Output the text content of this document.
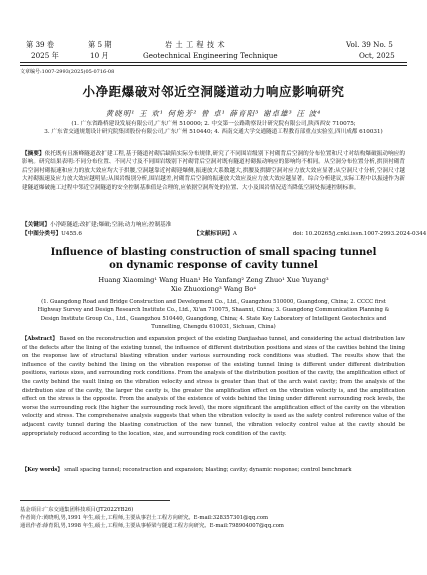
第 39 卷	第 5 期	岩 土 工 程 技 术	Vol. 39 No. 5
2025 年	10 月	Geotechnical Engineering Technique	Oct, 2025
文章编号:1007-2993(2025)05-0716-08
小净距爆破对邻近空洞隧道动力响应影响研究
黄晓明¹ 王 欢¹ 何艳芳² 曾 卓¹ 薛育阳³ 谢卓雄³ 汪 波⁴
(1. 广东省路桥建设发展有限公司,广东广州 510000; 2. 中交第一公路勘察设计研究院有限公司,陕西西安 710075;
3. 广东省交通规划设计研究院集团股份有限公司,广东广州 510440; 4. 西南交通大学交通隧道工程教育部重点实验室,四川成都 610031)
【摘要】依托既有且渐峰隧道改扩建工程,基于隧道衬砌后缺陷实际分布规律,研究了不同围岩级别下衬砌背后空洞的分布位置和尺寸对结构爆破振动响应的影响。研究结果表明:不同分布位置、不同尺寸及不同围岩级别下衬砌背后空洞对既有隧道衬砌振动响应的影响均不相同。从空洞分布位置分析,拱顶衬砌背后空洞衬砌振速和应力的放大效应均大于拱腰,空洞越靠近衬砌迎爆侧,振速放大系数越大,拱腰及拱脚空洞对应力放大效应显著;从空洞尺寸分析,空洞尺寸越大衬砌振速及应力放大效应越明显;从围岩级别分析,围岩越差,衬砌背后空洞的振速放大效应及应力放大效应越显著。综合分析建议,实际工程中以振速作为新建隧道爆破施工过程中邻近空洞隧道的安全控制基准值是合理的,应依据空洞所处的位置、大小及围岩情况适当降低空洞处振速控制标准。
【关键词】小净距隧道;改扩建;爆破;空洞;动力响应;控制基准
【中图分类号】U455.6	【文献标识码】A	doi: 10.20265/j.cnki.issn.1007-2993.2024-0344
Influence of blasting construction of small spacing tunnel
on dynamic response of cavity tunnel
Huang Xiaoming¹ Wang Huan¹ He Yanfang² Zeng Zhuo¹ Xue Yuyang³
Xie Zhuoxiong³ Wang Bo⁴
(1. Guangdong Road and Bridge Construction and Development Co., Ltd., Guangzhou 510000, Guangdong, China; 2. CCCC first
Highway Survey and Design Research Institute Co., Ltd., Xi'an 710075, Shaanxi, China; 3. Guangdong Communication Planning &
Design Institute Group Co., Ltd., Guangzhou 510440, Guangdong, China; 4. State Key Laboratory of Intelligent Geotechnics and
Tunnelling, Chengdu 610031, Sichuan, China)
【Abstract】 Based on the reconstruction and expansion project of the existing Danjiashao tunnel, and considering the actual distribution law of the defects after the lining of the existing tunnel, the influence of different distribution positions and sizes of the cavities behind the lining on the response law of structural blasting vibration under various surrounding rock conditions was studied. The results show that the influence of the cavity behind the lining on the vibration response of the existing tunnel lining is different under different distribution positions, various sizes, and surrounding rock conditions. From the analysis of the distribution position of the cavity, the amplification effect of the cavity behind the vault lining on the vibration velocity and stress is greater than that of the arch waist cavity; from the analysis of the distribution size of the cavity, the larger the cavity is, the greater the amplification effect on the vibration velocity is, and the amplification effect on the stress is the opposite. From the analysis of the existence of voids behind the lining under different surrounding rock levels, the worse the surrounding rock (the higher the surrounding rock level), the more significant the amplification effect of the cavity on the vibration velocity and stress. The comprehensive analysis suggests that when the vibration velocity is used as the safety control reference value of the adjacent cavity tunnel during the blasting construction of the new tunnel, the vibration velocity control value at the cavity should be appropriately reduced according to the location, size, and surrounding rock condition of the cavity.
【Key words】 small spacing tunnel; reconstruction and expansion; blasting; cavity; dynamic response; control benchmark
基金项目:广东交通集团科技项目(JT2022YB26)
作者简介:黄晓明,男,1991 年生,硕士,工程师,主要从事岩土工程方向研究。E-mail:328357301@qq.com
通讯作者:薛育阳,男,1998 年生,硕士,工程师,主要从事桥梁与隧道工程方向研究。E-mail:798904007@qq.com
